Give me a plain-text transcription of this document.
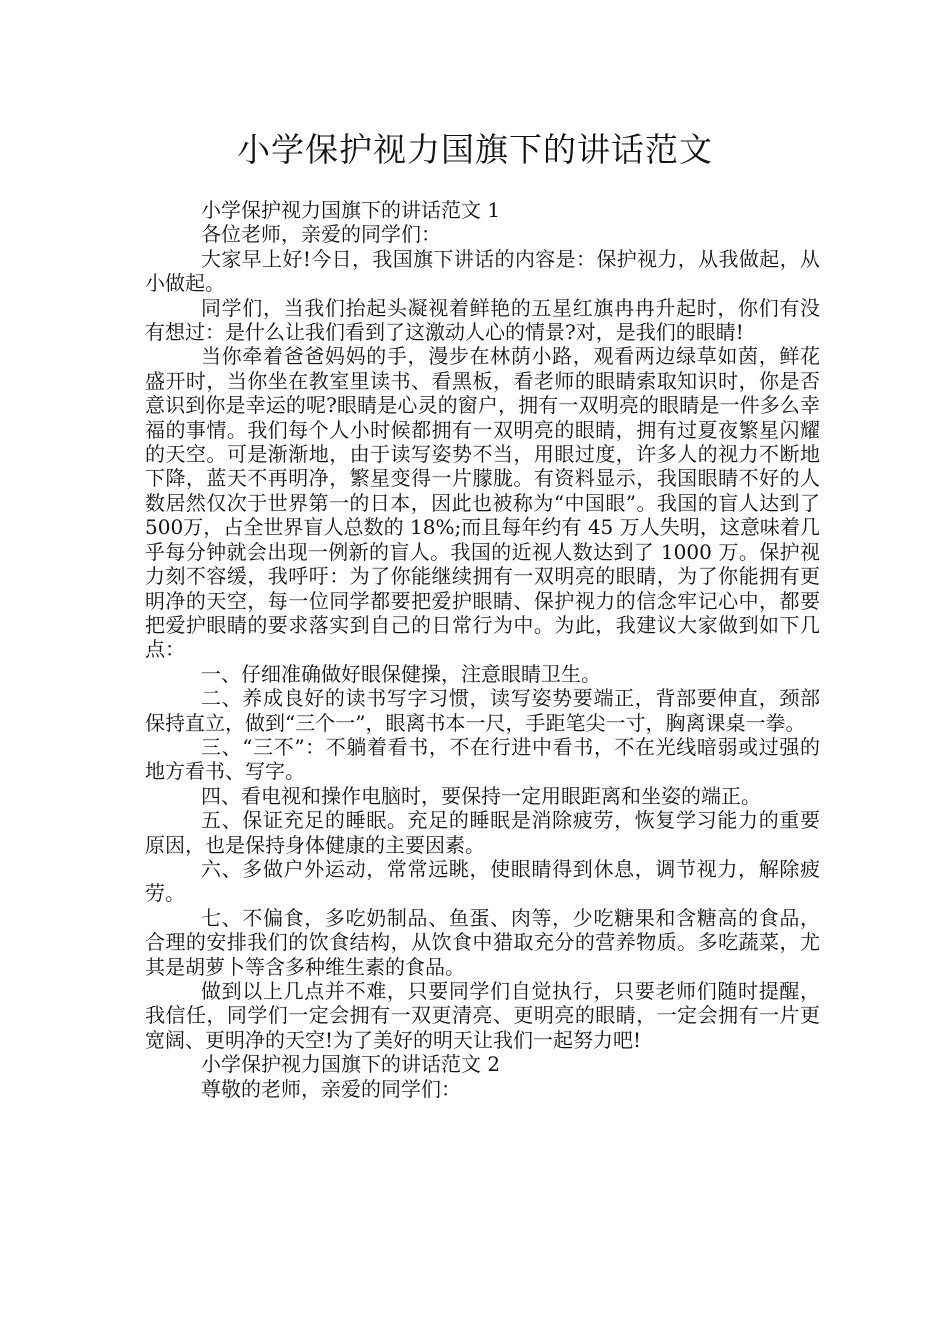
小学保护视力国旗下的讲话范文

小学保护视力国旗下的讲话范文 1

各位老师，亲爱的同学们：

大家早上好!今日，我国旗下讲话的内容是：保护视力，从我做起，从小做起。

同学们，当我们抬起头凝视着鲜艳的五星红旗冉冉升起时，你们有没有想过：是什么让我们看到了这激动人心的情景?对，是我们的眼睛!

当你牵着爸爸妈妈的手，漫步在林荫小路，观看两边绿草如茵，鲜花盛开时，当你坐在教室里读书、看黑板，看老师的眼睛索取知识时，你是否意识到你是幸运的呢?眼睛是心灵的窗户，拥有一双明亮的眼睛是一件多么幸福的事情。我们每个人小时候都拥有一双明亮的眼睛，拥有过夏夜繁星闪耀的天空。可是渐渐地，由于读写姿势不当，用眼过度，许多人的视力不断地下降，蓝天不再明净，繁星变得一片朦胧。有资料显示，我国眼睛不好的人数居然仅次于世界第一的日本，因此也被称为“中国眼”。我国的盲人达到了 500万，占全世界盲人总数的 18%;而且每年约有 45 万人失明，这意味着几乎每分钟就会出现一例新的盲人。我国的近视人数达到了 1000 万。保护视力刻不容缓，我呼吁：为了你能继续拥有一双明亮的眼睛，为了你能拥有更明净的天空，每一位同学都要把爱护眼睛、保护视力的信念牢记心中，都要把爱护眼睛的要求落实到自己的日常行为中。为此，我建议大家做到如下几点：

一、仔细准确做好眼保健操，注意眼睛卫生。

二、养成良好的读书写字习惯，读写姿势要端正，背部要伸直，颈部保持直立，做到“三个一”，眼离书本一尺，手距笔尖一寸，胸离课桌一拳。

三、“三不”：不躺着看书，不在行进中看书，不在光线暗弱或过强的地方看书、写字。

四、看电视和操作电脑时，要保持一定用眼距离和坐姿的端正。

五、保证充足的睡眠。充足的睡眠是消除疲劳，恢复学习能力的重要原因，也是保持身体健康的主要因素。

六、多做户外运动，常常远眺，使眼睛得到休息，调节视力，解除疲劳。

七、不偏食，多吃奶制品、鱼蛋、肉等，少吃糖果和含糖高的食品，合理的安排我们的饮食结构，从饮食中猎取充分的营养物质。多吃蔬菜，尤其是胡萝卜等含多种维生素的食品。

做到以上几点并不难，只要同学们自觉执行，只要老师们随时提醒，我信任，同学们一定会拥有一双更清亮、更明亮的眼睛，一定会拥有一片更宽阔、更明净的天空!为了美好的明天让我们一起努力吧!

小学保护视力国旗下的讲话范文 2

尊敬的老师，亲爱的同学们：
